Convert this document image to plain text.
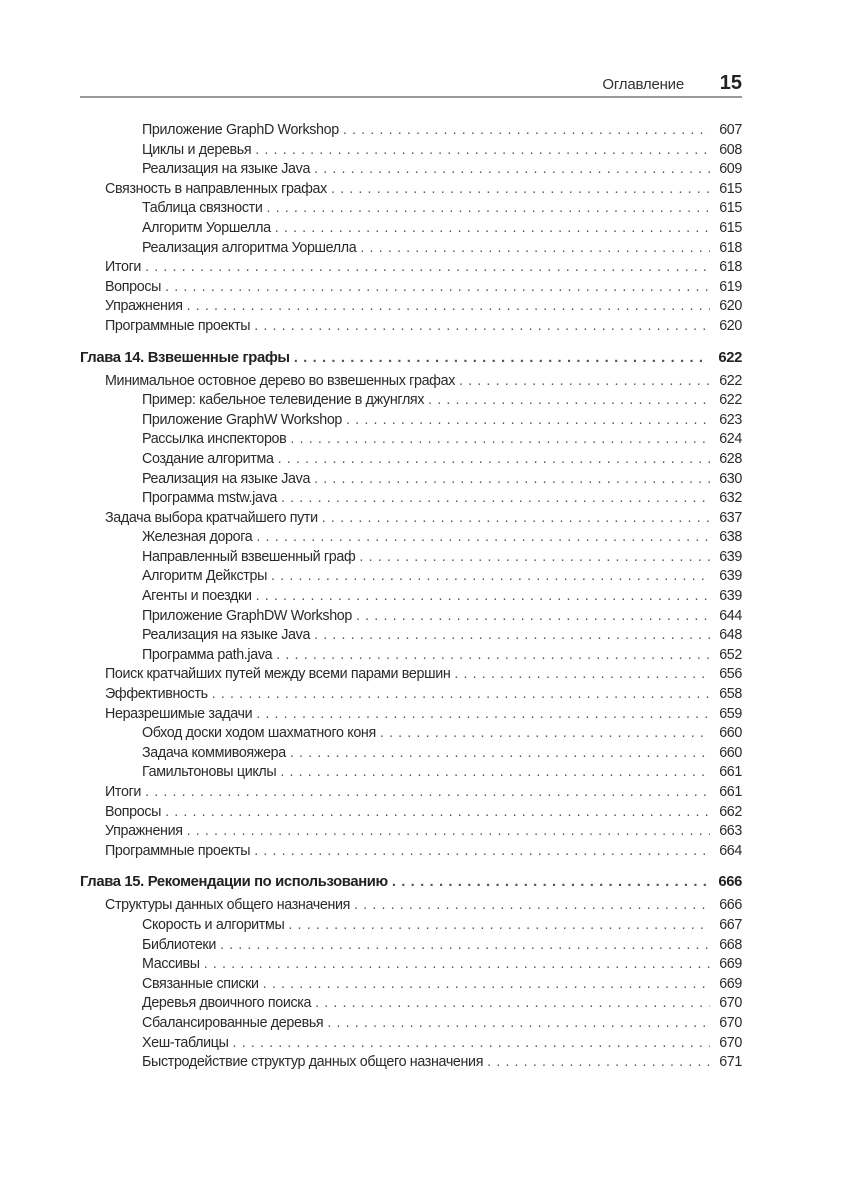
Оглавление 15
Приложение GraphD Workshop . . .	607
Циклы и деревья . . .	608
Реализация на языке Java . . .	609
Связность в направленных графах . . .	615
Таблица связности . . .	615
Алгоритм Уоршелла . . .	615
Реализация алгоритма Уоршелла . . .	618
Итоги . . .	618
Вопросы . . .	619
Упражнения . . .	620
Программные проекты . . .	620
Глава 14. Взвешенные графы . . .	622
Минимальное остовное дерево во взвешенных графах . . .	622
Пример: кабельное телевидение в джунглях . . .	622
Приложение GraphW Workshop . . .	623
Рассылка инспекторов . . .	624
Создание алгоритма . . .	628
Реализация на языке Java . . .	630
Программа mstw.java . . .	632
Задача выбора кратчайшего пути . . .	637
Железная дорога . . .	638
Направленный взвешенный граф . . .	639
Алгоритм Дейкстры . . .	639
Агенты и поездки . . .	639
Приложение GraphDW Workshop . . .	644
Реализация на языке Java . . .	648
Программа path.java . . .	652
Поиск кратчайших путей между всеми парами вершин . . .	656
Эффективность . . .	658
Неразрешимые задачи . . .	659
Обход доски ходом шахматного коня . . .	660
Задача коммивояжера . . .	660
Гамильтоновы циклы . . .	661
Итоги . . .	661
Вопросы . . .	662
Упражнения . . .	663
Программные проекты . . .	664
Глава 15. Рекомендации по использованию . . .	666
Структуры данных общего назначения . . .	666
Скорость и алгоритмы . . .	667
Библиотеки . . .	668
Массивы . . .	669
Связанные списки . . .	669
Деревья двоичного поиска . . .	670
Сбалансированные деревья . . .	670
Хеш-таблицы . . .	670
Быстродействие структур данных общего назначения . . .	671
